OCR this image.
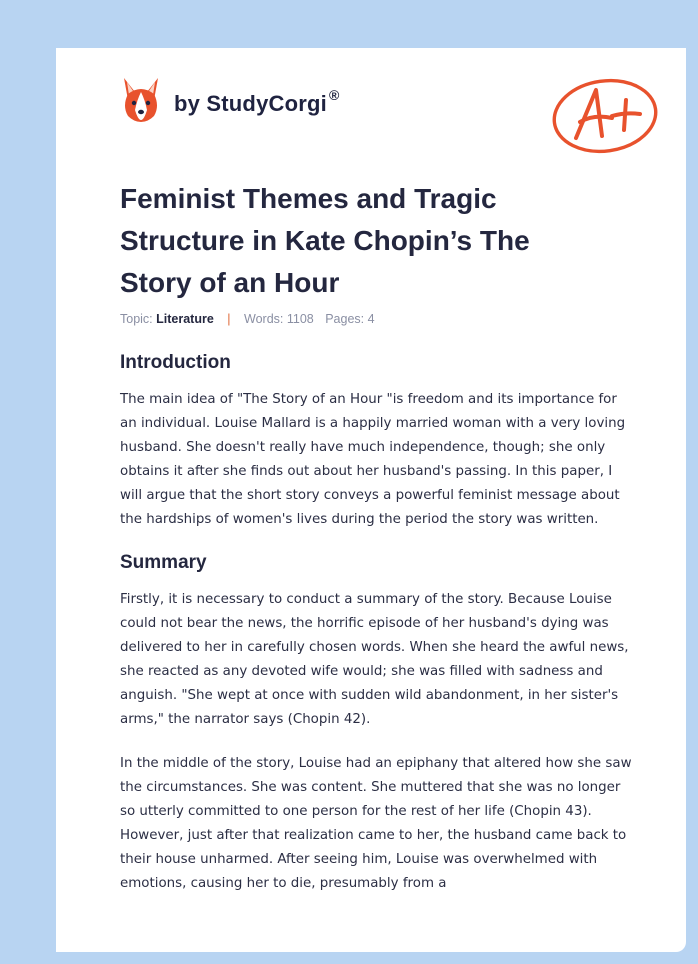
by StudyCorgi ®
Feminist Themes and Tragic Structure in Kate Chopin’s The Story of an Hour
Topic: Literature | Words: 1108 Pages: 4
Introduction

The main idea of "The Story of an Hour "is freedom and its importance for an individual. Louise Mallard is a happily married woman with a very loving husband. She doesn't really have much independence, though; she only obtains it after she finds out about her husband's passing. In this paper, I will argue that the short story conveys a powerful feminist message about the hardships of women's lives during the period the story was written.

Summary

Firstly, it is necessary to conduct a summary of the story. Because Louise could not bear the news, the horrific episode of her husband's dying was delivered to her in carefully chosen words. When she heard the awful news, she reacted as any devoted wife would; she was filled with sadness and anguish. "She wept at once with sudden wild abandonment, in her sister's arms," the narrator says (Chopin 42).

In the middle of the story, Louise had an epiphany that altered how she saw the circumstances. She was content. She muttered that she was no longer so utterly committed to one person for the rest of her life (Chopin 43). However, just after that realization came to her, the husband came back to their house unharmed. After seeing him, Louise was overwhelmed with emotions, causing her to die, presumably from a
